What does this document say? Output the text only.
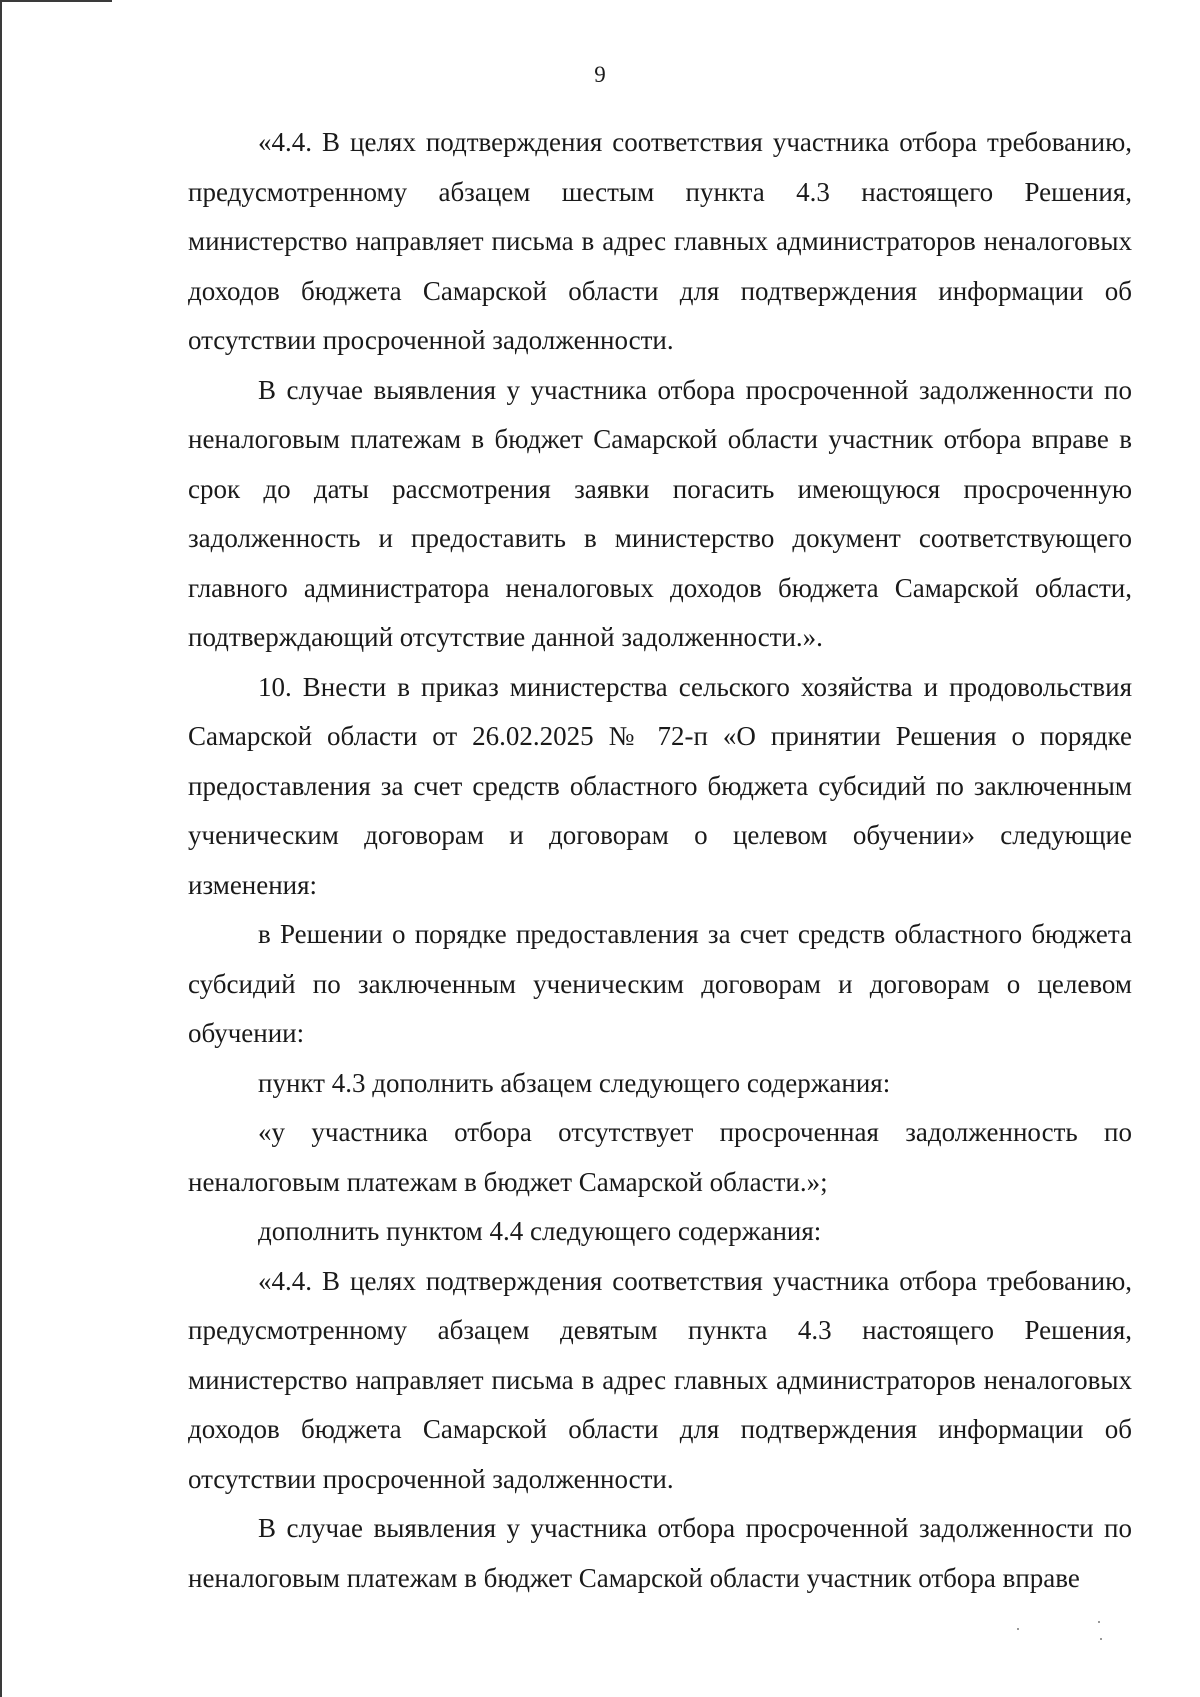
9

«4.4. В целях подтверждения соответствия участника отбора требованию, предусмотренному абзацем шестым пункта 4.3 настоящего Решения, министерство направляет письма в адрес главных администраторов неналоговых доходов бюджета Самарской области для подтверждения информации об отсутствии просроченной задолженности.

В случае выявления у участника отбора просроченной задолженности по неналоговым платежам в бюджет Самарской области участник отбора вправе в срок до даты рассмотрения заявки погасить имеющуюся просроченную задолженность и предоставить в министерство документ соответствующего главного администратора неналоговых доходов бюджета Самарской области, подтверждающий отсутствие данной задолженности.».

10. Внести в приказ министерства сельского хозяйства и продовольствия Самарской области от 26.02.2025 № 72-п «О принятии Решения о порядке предоставления за счет средств областного бюджета субсидий по заключенным ученическим договорам и договорам о целевом обучении» следующие изменения:

в Решении о порядке предоставления за счет средств областного бюджета субсидий по заключенным ученическим договорам и договорам о целевом обучении:

пункт 4.3 дополнить абзацем следующего содержания:

«у участника отбора отсутствует просроченная задолженность по неналоговым платежам в бюджет Самарской области.»;

дополнить пунктом 4.4 следующего содержания:

«4.4. В целях подтверждения соответствия участника отбора требованию, предусмотренному абзацем девятым пункта 4.3 настоящего Решения, министерство направляет письма в адрес главных администраторов неналоговых доходов бюджета Самарской области для подтверждения информации об отсутствии просроченной задолженности.

В случае выявления у участника отбора просроченной задолженности по неналоговым платежам в бюджет Самарской области участник отбора вправе
